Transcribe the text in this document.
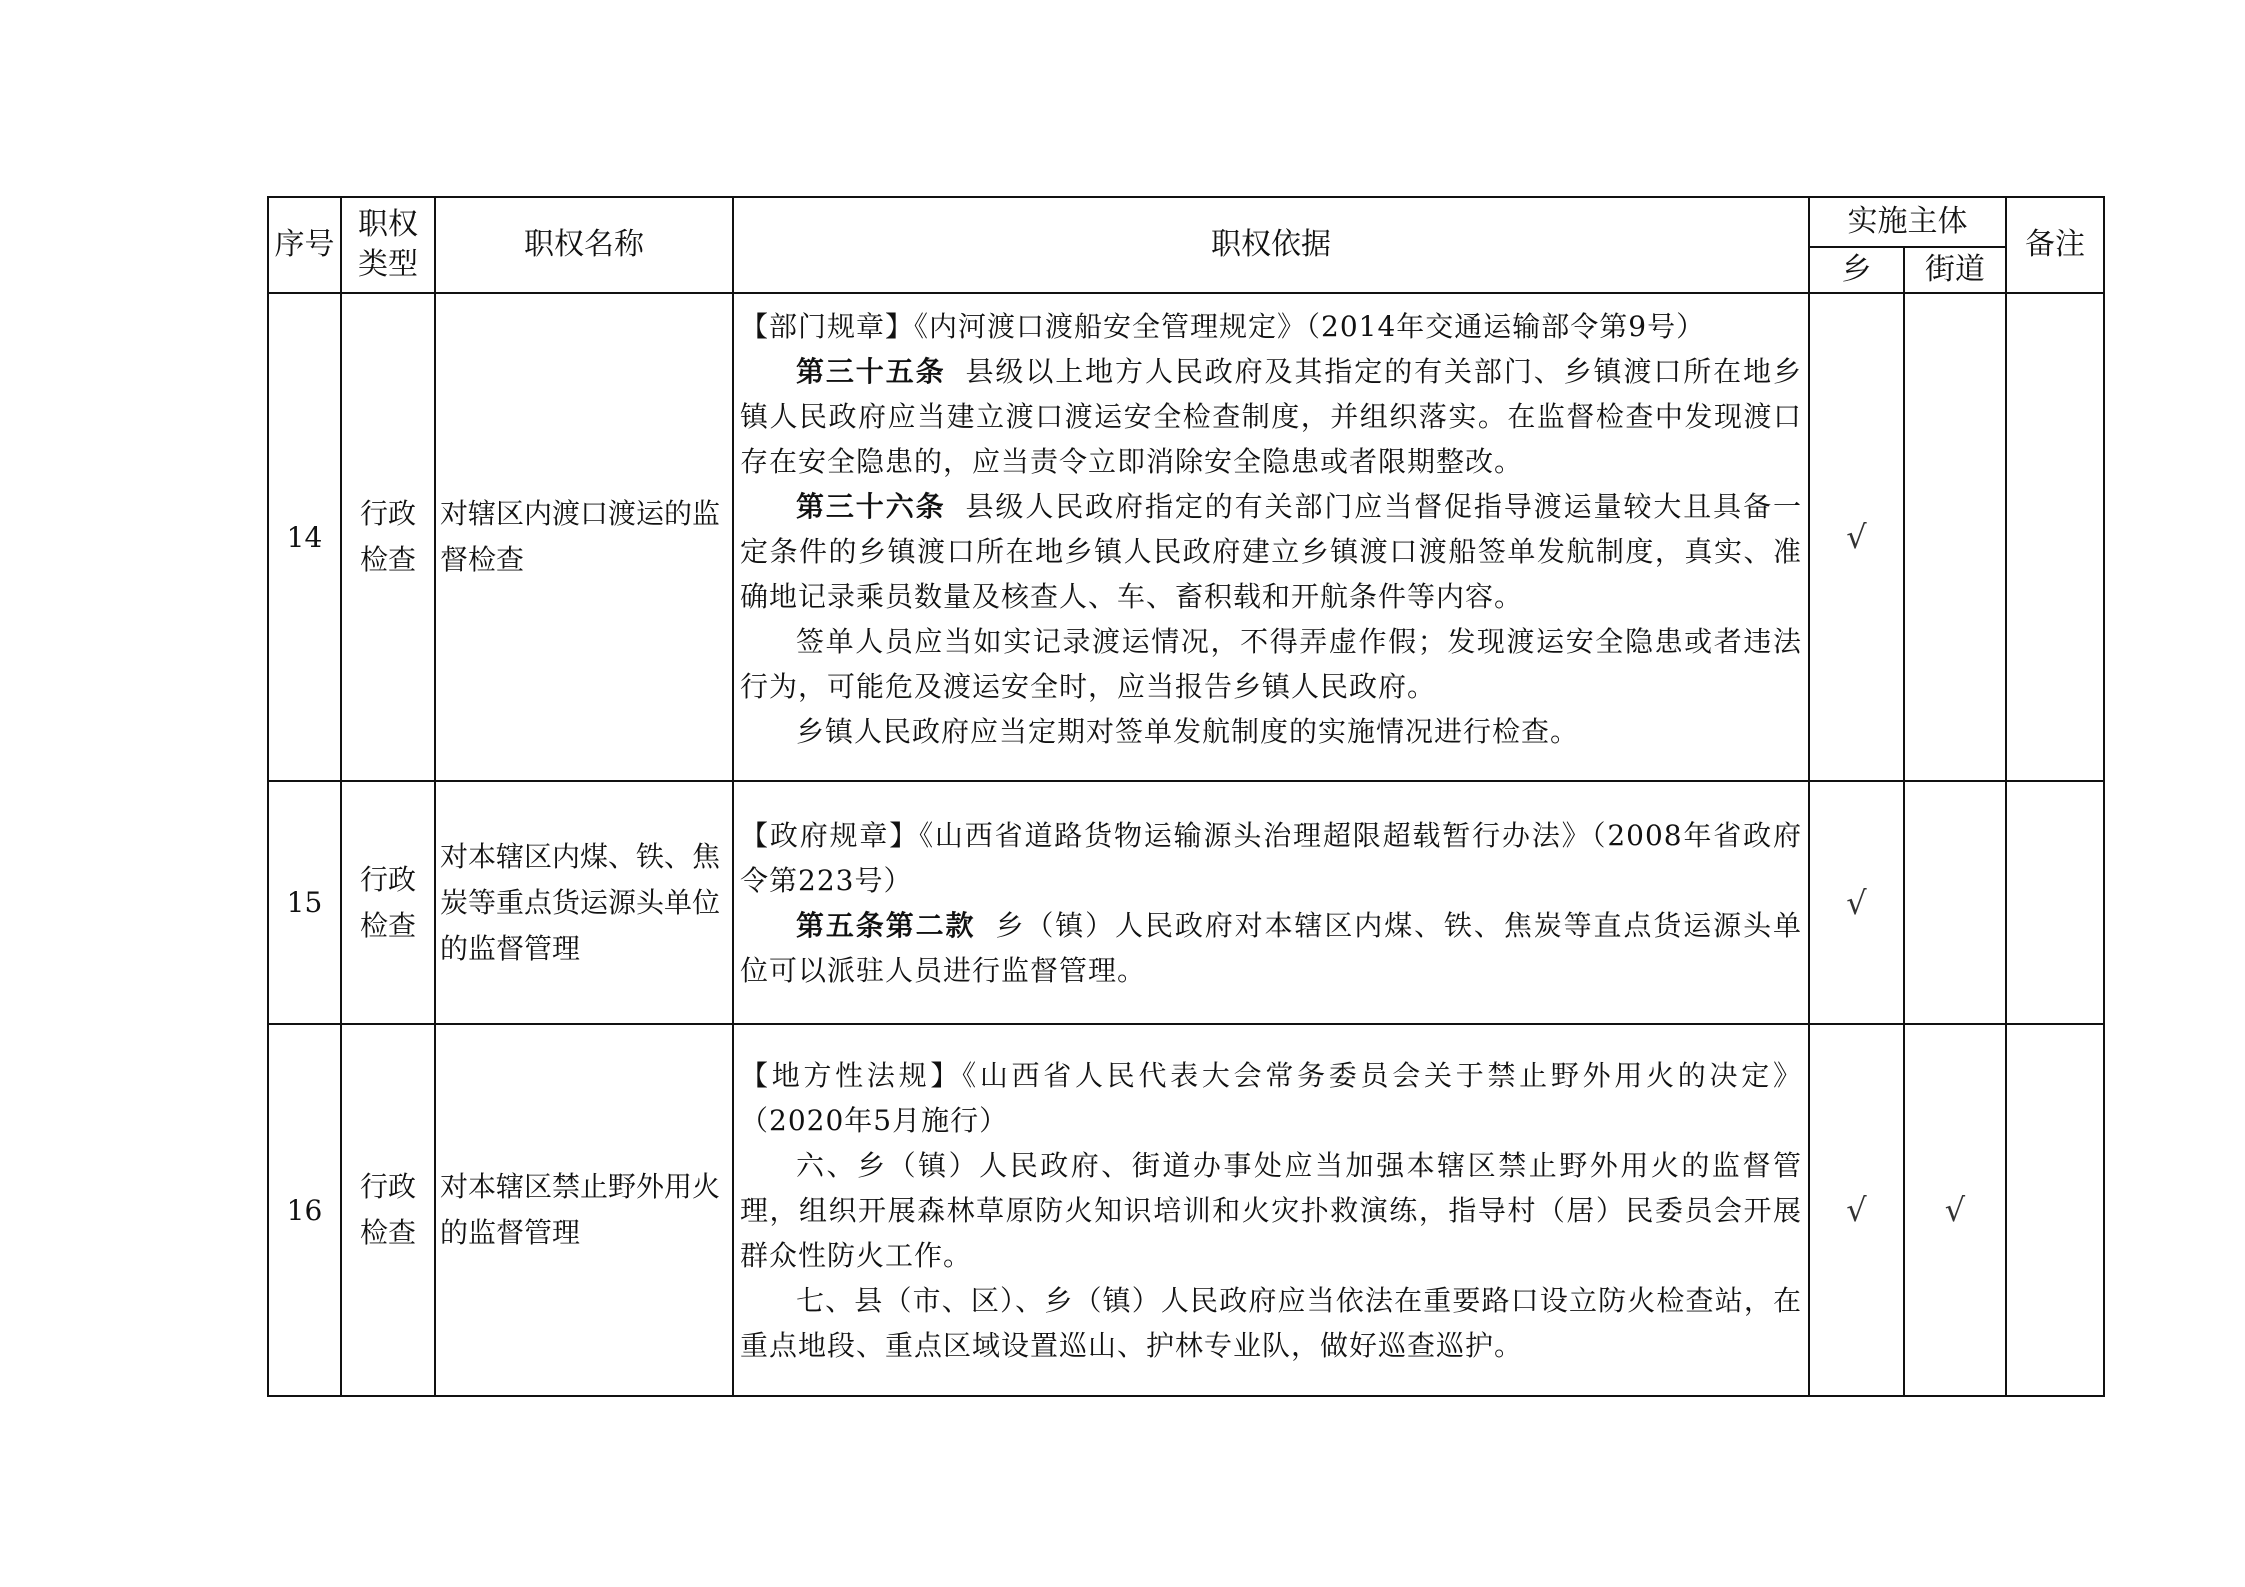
序号	职权类型	职权名称	职权依据	实施主体		备注
				乡	街道	
14	行政检查	对辖区内渡口渡运的监督检查	【部门规章】《内河渡口渡船安全管理规定》（2014年交通运输部令第9号）
第三十五条 县级以上地方人民政府及其指定的有关部门、乡镇渡口所在地乡镇人民政府应当建立渡口渡运安全检查制度，并组织落实。在监督检查中发现渡口存在安全隐患的，应当责令立即消除安全隐患或者限期整改。
第三十六条 县级人民政府指定的有关部门应当督促指导渡运量较大且具备一定条件的乡镇渡口所在地乡镇人民政府建立乡镇渡口渡船签单发航制度，真实、准确地记录乘员数量及核查人、车、畜积载和开航条件等内容。
签单人员应当如实记录渡运情况，不得弄虚作假；发现渡运安全隐患或者违法行为，可能危及渡运安全时，应当报告乡镇人民政府。
乡镇人民政府应当定期对签单发航制度的实施情况进行检查。	√		
15	行政检查	对本辖区内煤、铁、焦炭等重点货运源头单位的监督管理	【政府规章】《山西省道路货物运输源头治理超限超载暂行办法》（2008年省政府令第223号）
第五条第二款 乡（镇）人民政府对本辖区内煤、铁、焦炭等直点货运源头单位可以派驻人员进行监督管理。	√		
16	行政检查	对本辖区禁止野外用火的监督管理	【地方性法规】《山西省人民代表大会常务委员会关于禁止野外用火的决定》（2020年5月施行）
六、乡（镇）人民政府、街道办事处应当加强本辖区禁止野外用火的监督管理，组织开展森林草原防火知识培训和火灾扑救演练，指导村（居）民委员会开展群众性防火工作。
七、县（市、区）、乡（镇）人民政府应当依法在重要路口设立防火检查站，在重点地段、重点区域设置巡山、护林专业队，做好巡查巡护。	√	√	
